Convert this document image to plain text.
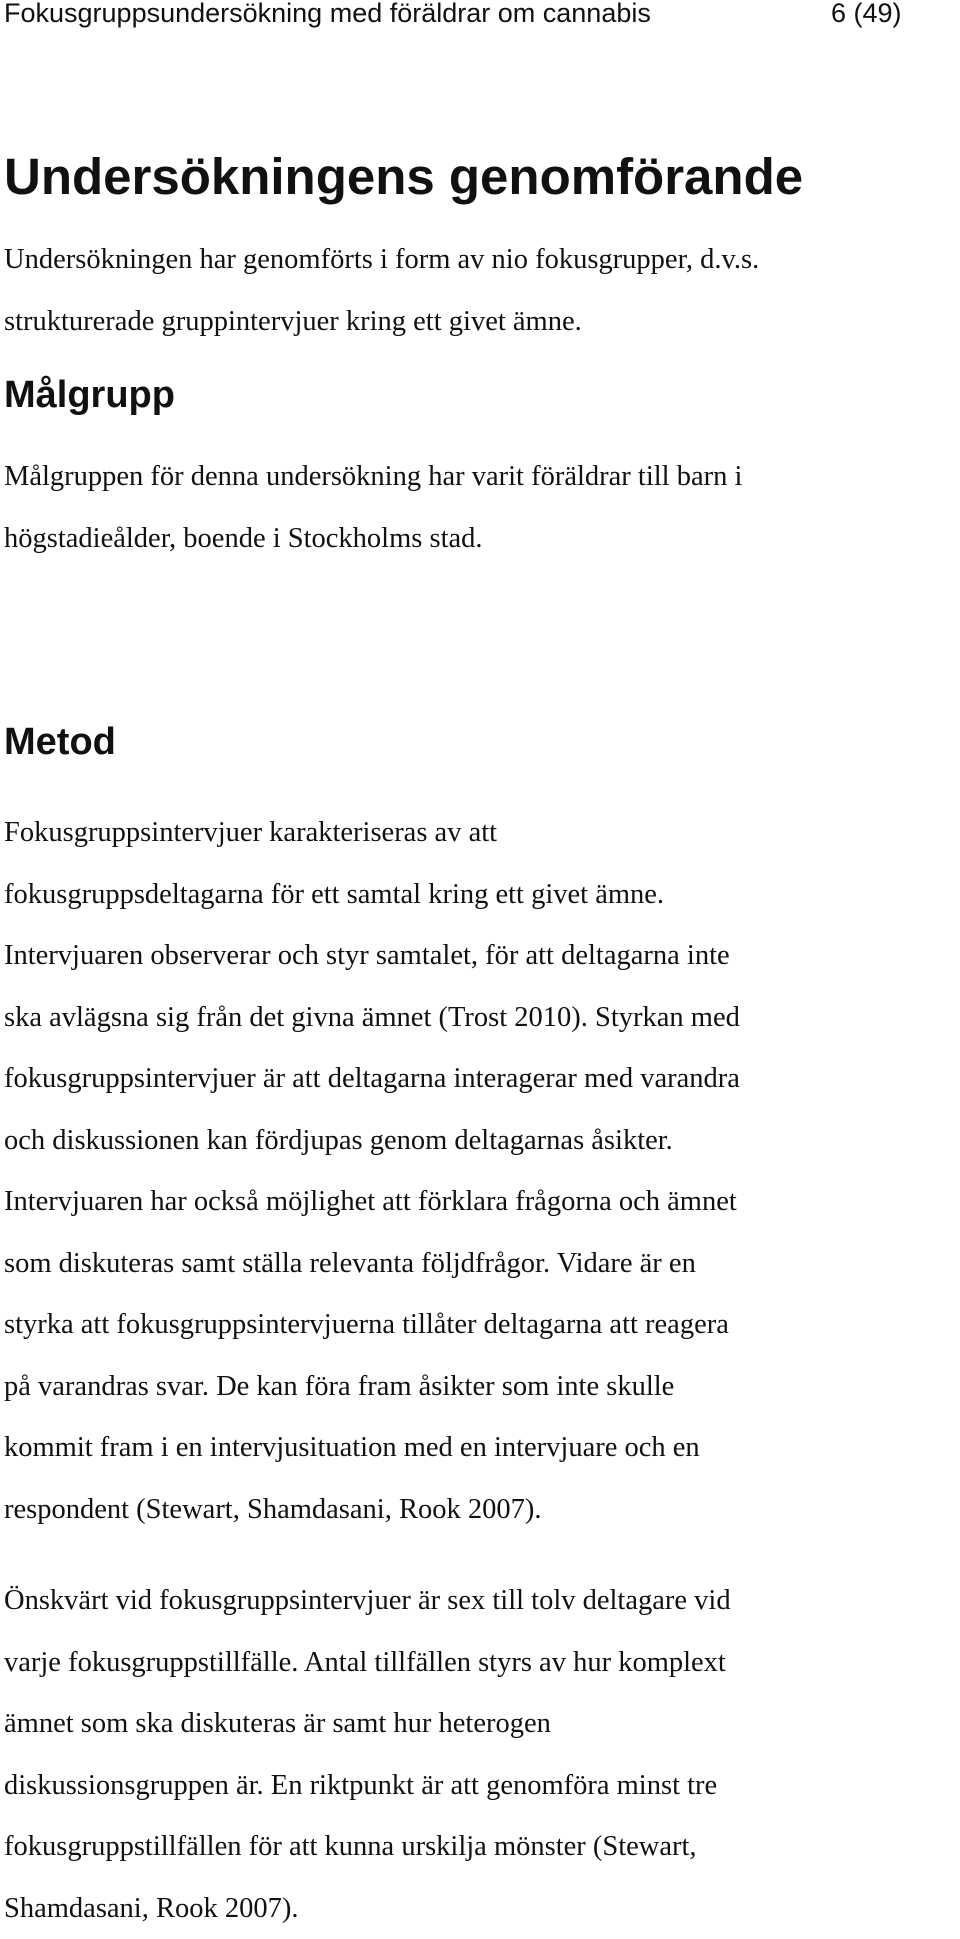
Fokusgruppsundersökning med föräldrar om cannabis	6 (49)
Undersökningens genomförande
Undersökningen har genomförts i form av nio fokusgrupper, d.v.s.
strukturerade gruppintervjuer kring ett givet ämne.
Målgrupp
Målgruppen för denna undersökning har varit föräldrar till barn i
högstadieålder, boende i Stockholms stad.
Metod
Fokusgruppsintervjuer karakteriseras av att
fokusgruppsdeltagarna för ett samtal kring ett givet ämne.
Intervjuaren observerar och styr samtalet, för att deltagarna inte
ska avlägsna sig från det givna ämnet (Trost 2010). Styrkan med
fokusgruppsintervjuer är att deltagarna interagerar med varandra
och diskussionen kan fördjupas genom deltagarnas åsikter.
Intervjuaren har också möjlighet att förklara frågorna och ämnet
som diskuteras samt ställa relevanta följdfrågor. Vidare är en
styrka att fokusgruppsintervjuerna tillåter deltagarna att reagera
på varandras svar. De kan föra fram åsikter som inte skulle
kommit fram i en intervjusituation med en intervjuare och en
respondent (Stewart, Shamdasani, Rook 2007).
Önskvärt vid fokusgruppsintervjuer är sex till tolv deltagare vid
varje fokusgruppstillfälle. Antal tillfällen styrs av hur komplext
ämnet som ska diskuteras är samt hur heterogen
diskussionsgruppen är. En riktpunkt är att genomföra minst tre
fokusgruppstillfällen för att kunna urskilja mönster (Stewart,
Shamdasani, Rook 2007).
